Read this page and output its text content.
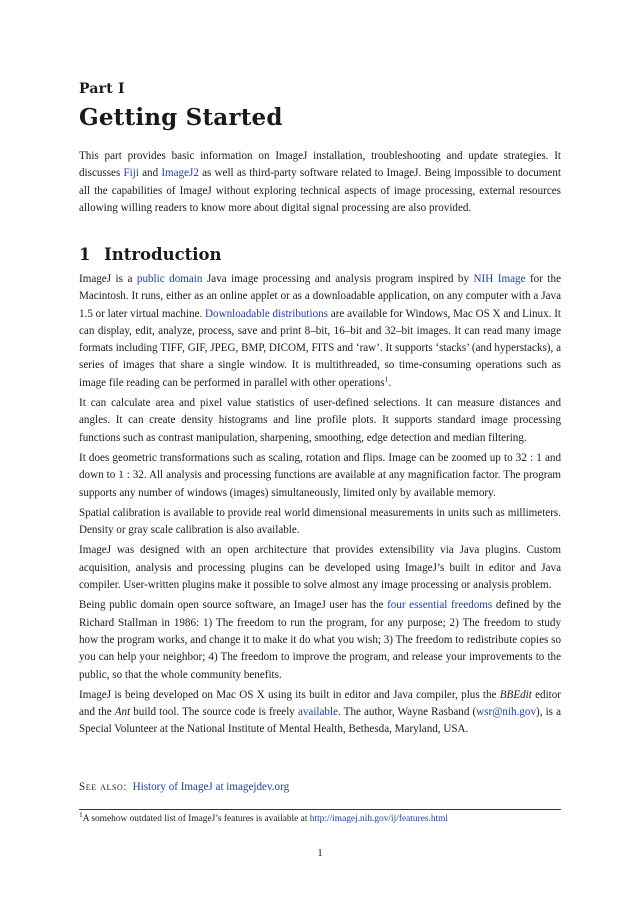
Part I
Getting Started
This part provides basic information on ImageJ installation, troubleshooting and update strategies. It discusses Fiji and ImageJ2 as well as third-party software related to ImageJ. Being impossible to document all the capabilities of ImageJ without exploring technical aspects of image processing, external resources allowing willing readers to know more about digital signal processing are also provided.
1 Introduction

ImageJ is a public domain Java image processing and analysis program inspired by NIH Image for the Macintosh. It runs, either as an online applet or as a downloadable application, on any computer with a Java 1.5 or later virtual machine. Downloadable distributions are available for Windows, Mac OS X and Linux. It can display, edit, analyze, process, save and print 8–bit, 16–bit and 32–bit images. It can read many image formats including TIFF, GIF, JPEG, BMP, DICOM, FITS and ‘raw’. It supports ‘stacks’ (and hyperstacks), a series of images that share a single window. It is multithreaded, so time-consuming operations such as image file reading can be performed in parallel with other operations$^1$.

It can calculate area and pixel value statistics of user-defined selections. It can measure distances and angles. It can create density histograms and line profile plots. It supports standard image processing functions such as contrast manipulation, sharpening, smoothing, edge detection and median filtering.

It does geometric transformations such as scaling, rotation and flips. Image can be zoomed up to 32 : 1 and down to 1 : 32. All analysis and processing functions are available at any magnification factor. The program supports any number of windows (images) simultaneously, limited only by available memory.

Spatial calibration is available to provide real world dimensional measurements in units such as millimeters. Density or gray scale calibration is also available.

ImageJ was designed with an open architecture that provides extensibility via Java plugins. Custom acquisition, analysis and processing plugins can be developed using ImageJ’s built in editor and Java compiler. User-written plugins make it possible to solve almost any image processing or analysis problem.

Being public domain open source software, an ImageJ user has the four essential freedoms defined by the Richard Stallman in 1986: 1) The freedom to run the program, for any purpose; 2) The freedom to study how the program works, and change it to make it do what you wish; 3) The freedom to redistribute copies so you can help your neighbor; 4) The freedom to improve the program, and release your improvements to the public, so that the whole community benefits.

ImageJ is being developed on Mac OS X using its built in editor and Java compiler, plus the BBEdit editor and the Ant build tool. The source code is freely available. The author, Wayne Rasband (wsr@nih.gov), is a Special Volunteer at the National Institute of Mental Health, Bethesda, Maryland, USA.

See also: History of ImageJ at imagejdev.org
$^1$A somehow outdated list of ImageJ’s features is available at http://imagej.nih.gov/ij/features.html
1
